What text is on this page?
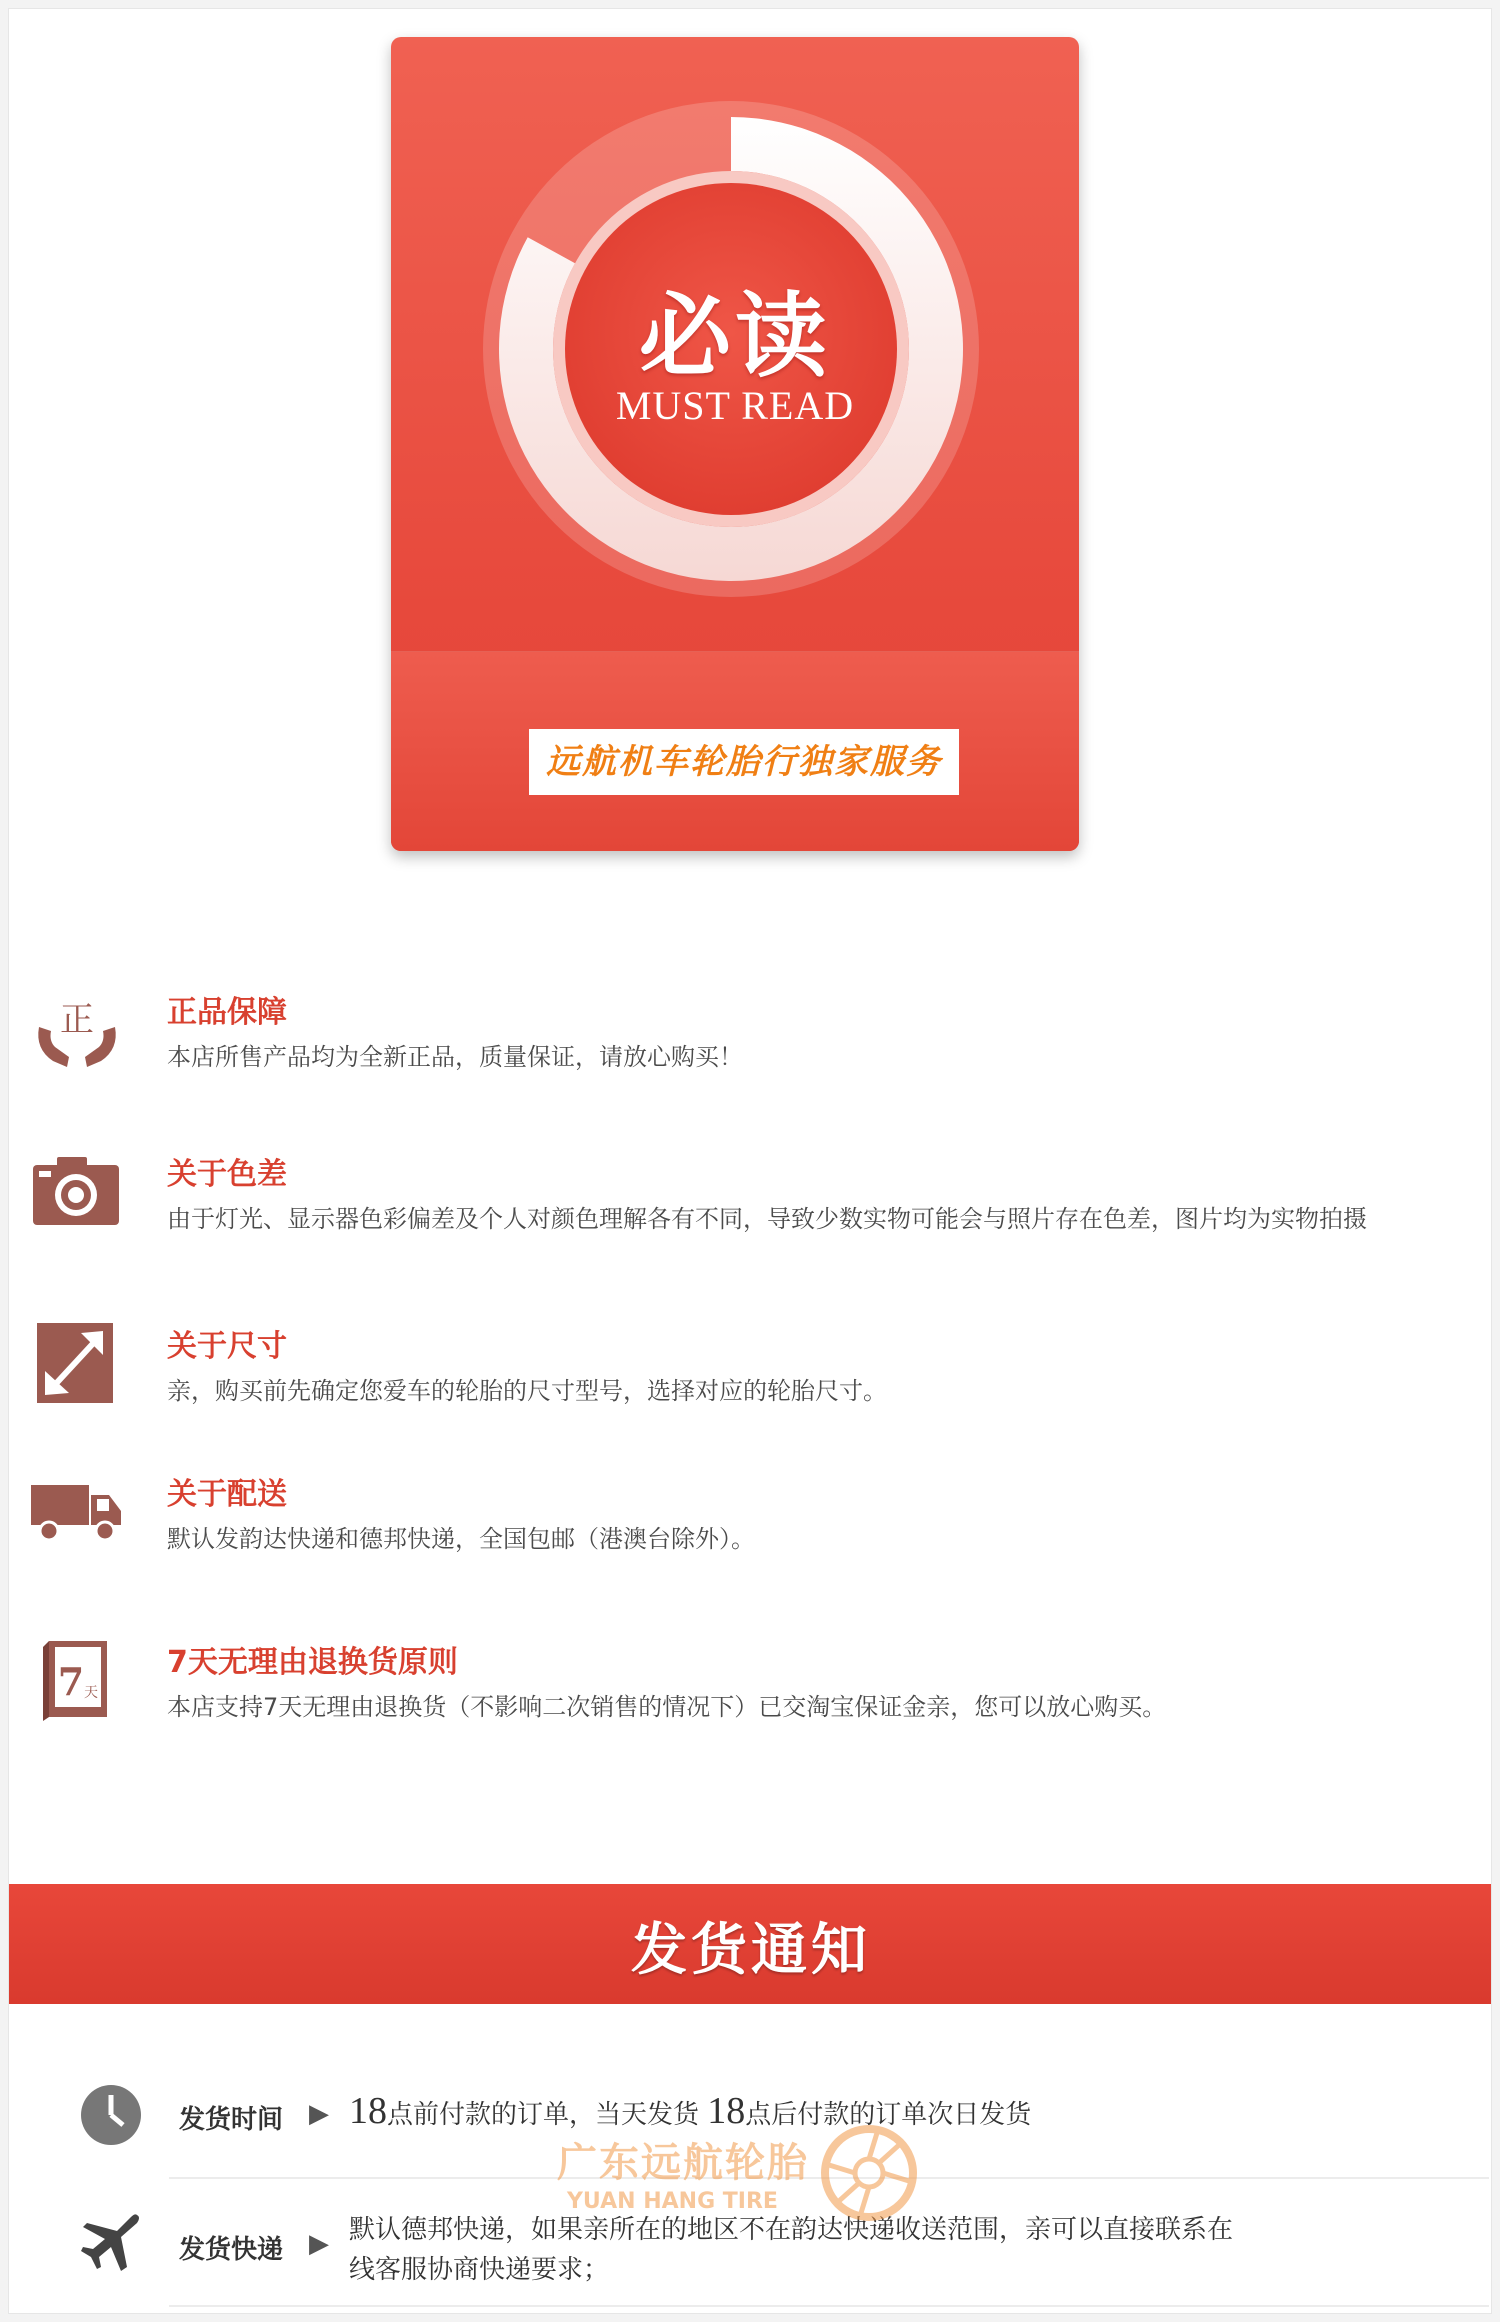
必读
MUST READ
远航机车轮胎行独家服务
正 正品保障
本店所售产品均为全新正品，质量保证，请放心购买！
关于色差
由于灯光、显示器色彩偏差及个人对颜色理解各有不同，导致少数实物可能会与照片存在色差，图片均为实物拍摄
关于尺寸
亲，购买前先确定您爱车的轮胎的尺寸型号，选择对应的轮胎尺寸。
关于配送
默认发韵达快递和德邦快递，全国包邮（港澳台除外）。
7 天
7天无理由退换货原则
本店支持7天无理由退换货（不影响二次销售的情况下）已交淘宝保证金亲，您可以放心购买。
发货通知
发货时间 ▶ 18点前付款的订单，当天发货 18点后付款的订单次日发货
发货快递 ▶ 默认德邦快递，如果亲所在的地区不在韵达快递收送范围，亲可以直接联系在
线客服协商快递要求；
广东远航轮胎
YUAN HANG TIRE
